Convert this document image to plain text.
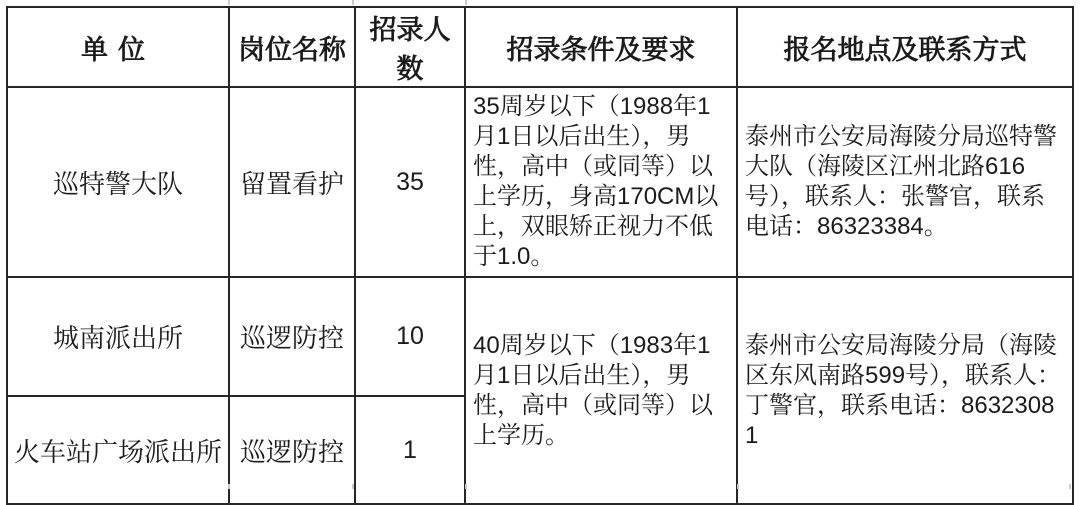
单位	岗位名称	招录人数	招录条件及要求	报名地点及联系方式
巡特警大队	留置看护	35	35周岁以下（1988年1月1日以后出生），男性，高中（或同等）以上学历，身高170CM以上，双眼矫正视力不低于1.0。	泰州市公安局海陵分局巡特警大队（海陵区江州北路616号），联系人：张警官，联系电话：86323384。
城南派出所	巡逻防控	10	40周岁以下（1983年1月1日以后出生），男性，高中（或同等）以上学历。	泰州市公安局海陵分局（海陵区东风南路599号），联系人：丁警官，联系电话：86323081
火车站广场派出所	巡逻防控	1		
